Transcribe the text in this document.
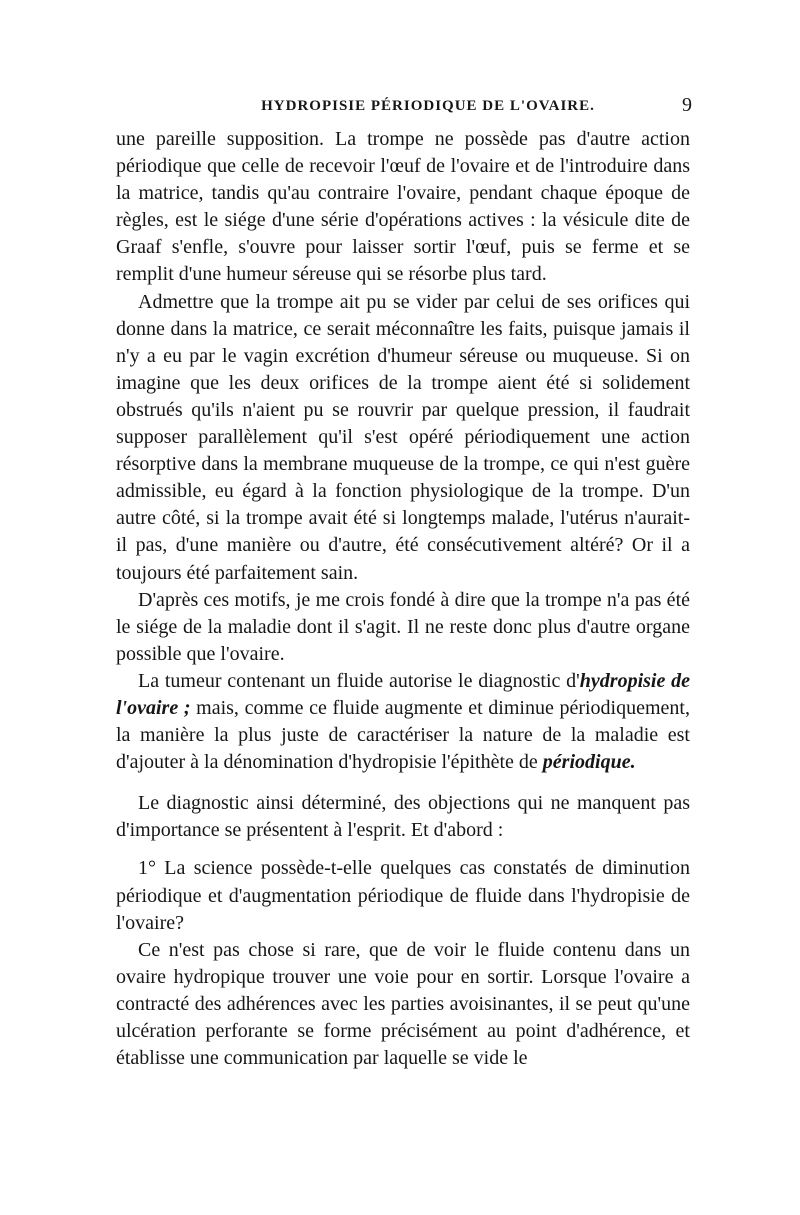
HYDROPISIE PÉRIODIQUE DE L'OVAIRE.	9

une pareille supposition. La trompe ne possède pas d'autre action périodique que celle de recevoir l'œuf de l'ovaire et de l'introduire dans la matrice, tandis qu'au contraire l'ovaire, pendant chaque époque de règles, est le siége d'une série d'opérations actives : la vésicule dite de Graaf s'enfle, s'ouvre pour laisser sortir l'œuf, puis se ferme et se remplit d'une humeur séreuse qui se résorbe plus tard.

Admettre que la trompe ait pu se vider par celui de ses orifices qui donne dans la matrice, ce serait méconnaître les faits, puisque jamais il n'y a eu par le vagin excrétion d'humeur séreuse ou muqueuse. Si on imagine que les deux orifices de la trompe aient été si solidement obstrués qu'ils n'aient pu se rouvrir par quelque pression, il faudrait supposer parallèlement qu'il s'est opéré périodiquement une action résorptive dans la membrane muqueuse de la trompe, ce qui n'est guère admissible, eu égard à la fonction physiologique de la trompe. D'un autre côté, si la trompe avait été si longtemps malade, l'utérus n'aurait-il pas, d'une manière ou d'autre, été consécutivement altéré? Or il a toujours été parfaitement sain.

D'après ces motifs, je me crois fondé à dire que la trompe n'a pas été le siége de la maladie dont il s'agit. Il ne reste donc plus d'autre organe possible que l'ovaire.

La tumeur contenant un fluide autorise le diagnostic d'hydropisie de l'ovaire ; mais, comme ce fluide augmente et diminue périodiquement, la manière la plus juste de caractériser la nature de la maladie est d'ajouter à la dénomination d'hydropisie l'épithète de périodique.

Le diagnostic ainsi déterminé, des objections qui ne manquent pas d'importance se présentent à l'esprit. Et d'abord :

1° La science possède-t-elle quelques cas constatés de diminution périodique et d'augmentation périodique de fluide dans l'hydropisie de l'ovaire?

Ce n'est pas chose si rare, que de voir le fluide contenu dans un ovaire hydropique trouver une voie pour en sortir. Lorsque l'ovaire a contracté des adhérences avec les parties avoisinantes, il se peut qu'une ulcération perforante se forme précisément au point d'adhérence, et établisse une communication par laquelle se vide le
